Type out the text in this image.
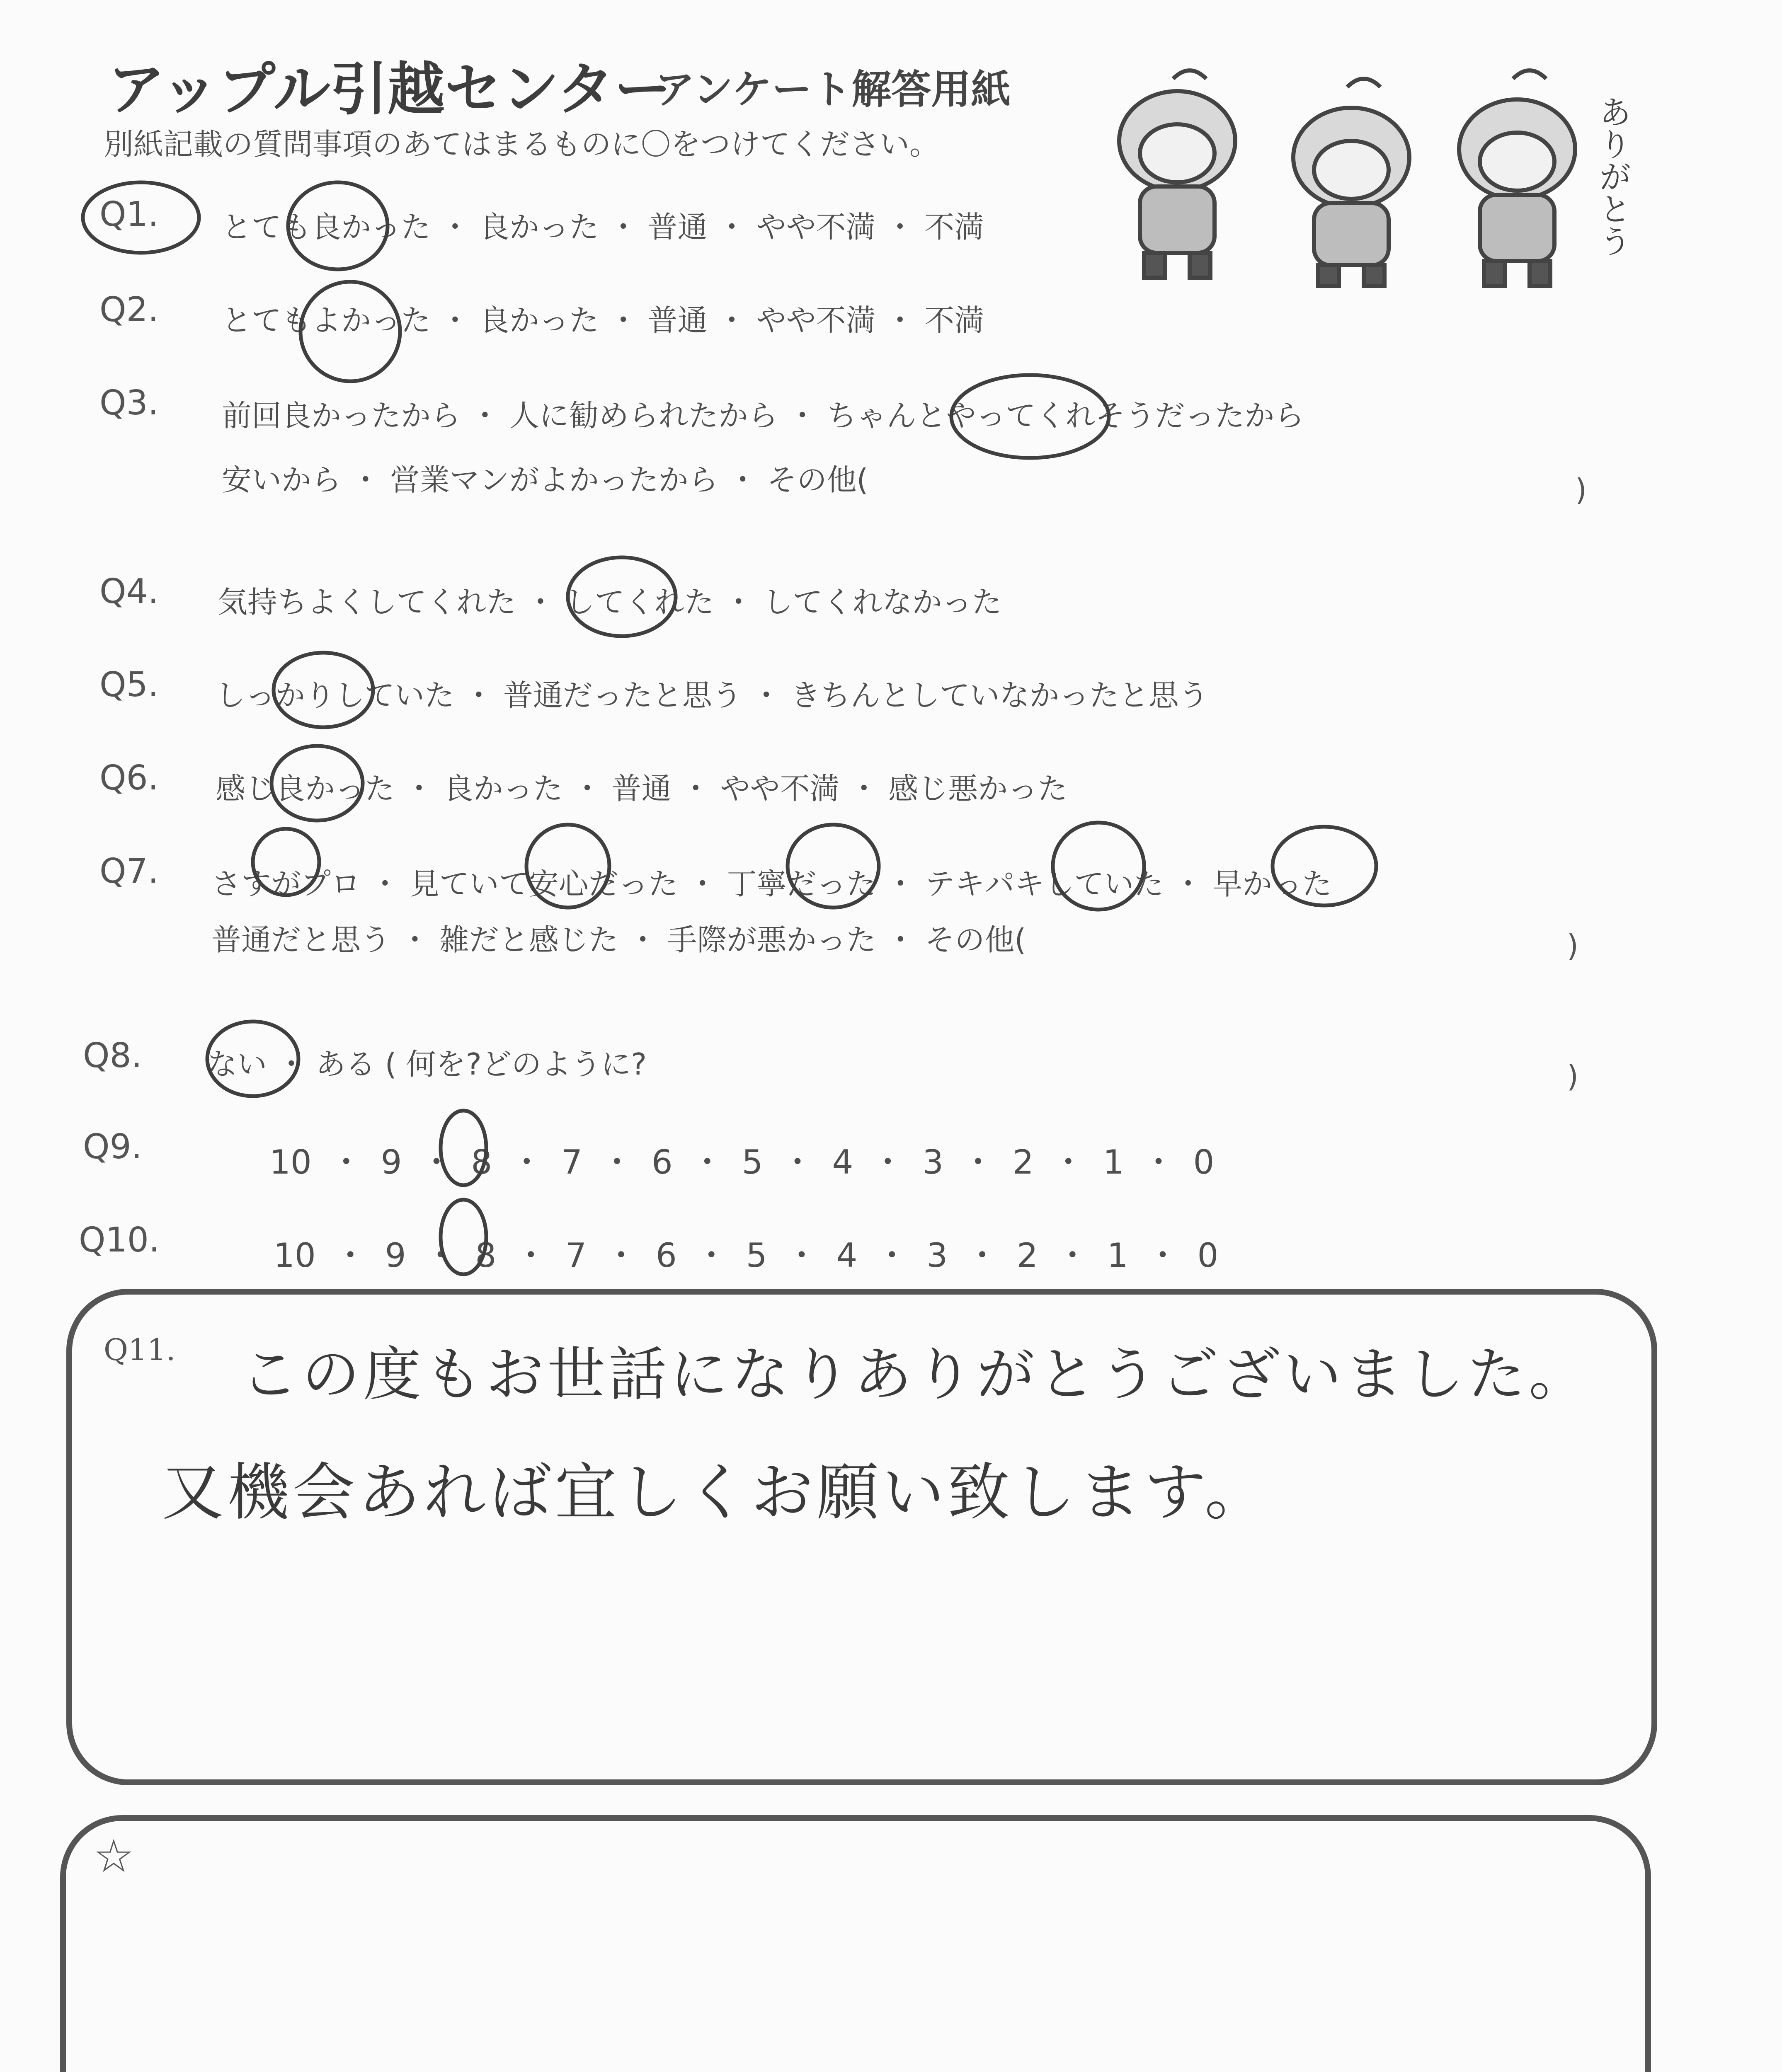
アップル引越センター
アンケート解答用紙
別紙記載の質問事項のあてはまるものに〇をつけてください。	ありがとう
Q1. とても良かった ・ 良かった ・ 普通 ・ やや不満 ・ 不満
Q2. とてもよかった ・ 良かった ・ 普通 ・ やや不満 ・ 不満
Q3. 前回良かったから ・ 人に勧められたから ・ ちゃんとやってくれそうだったから
安いから ・ 営業マンがよかったから ・ その他(	)
Q4. 気持ちよくしてくれた ・ してくれた ・ してくれなかった
Q5. しっかりしていた ・ 普通だったと思う ・ きちんとしていなかったと思う
Q6. 感じ良かった ・ 良かった ・ 普通 ・ やや不満 ・ 感じ悪かった
Q7. さすがプロ ・ 見ていて安心だった ・ 丁寧だった ・ テキパキしていた ・ 早かった
普通だと思う ・ 雑だと感じた ・ 手際が悪かった ・ その他(	)
Q8. ない ・ ある ( 何を?どのように?	)
Q9.	10 ・ 9 ・ 8 ・ 7 ・ 6 ・ 5 ・ 4 ・ 3 ・ 2 ・ 1 ・ 0
Q10.	10 ・ 9 ・ 8 ・ 7 ・ 6 ・ 5 ・ 4 ・ 3 ・ 2 ・ 1 ・ 0
Q11. この度もお世話になりありがとうございました。
又機会あれば宜しくお願い致します。
☆
